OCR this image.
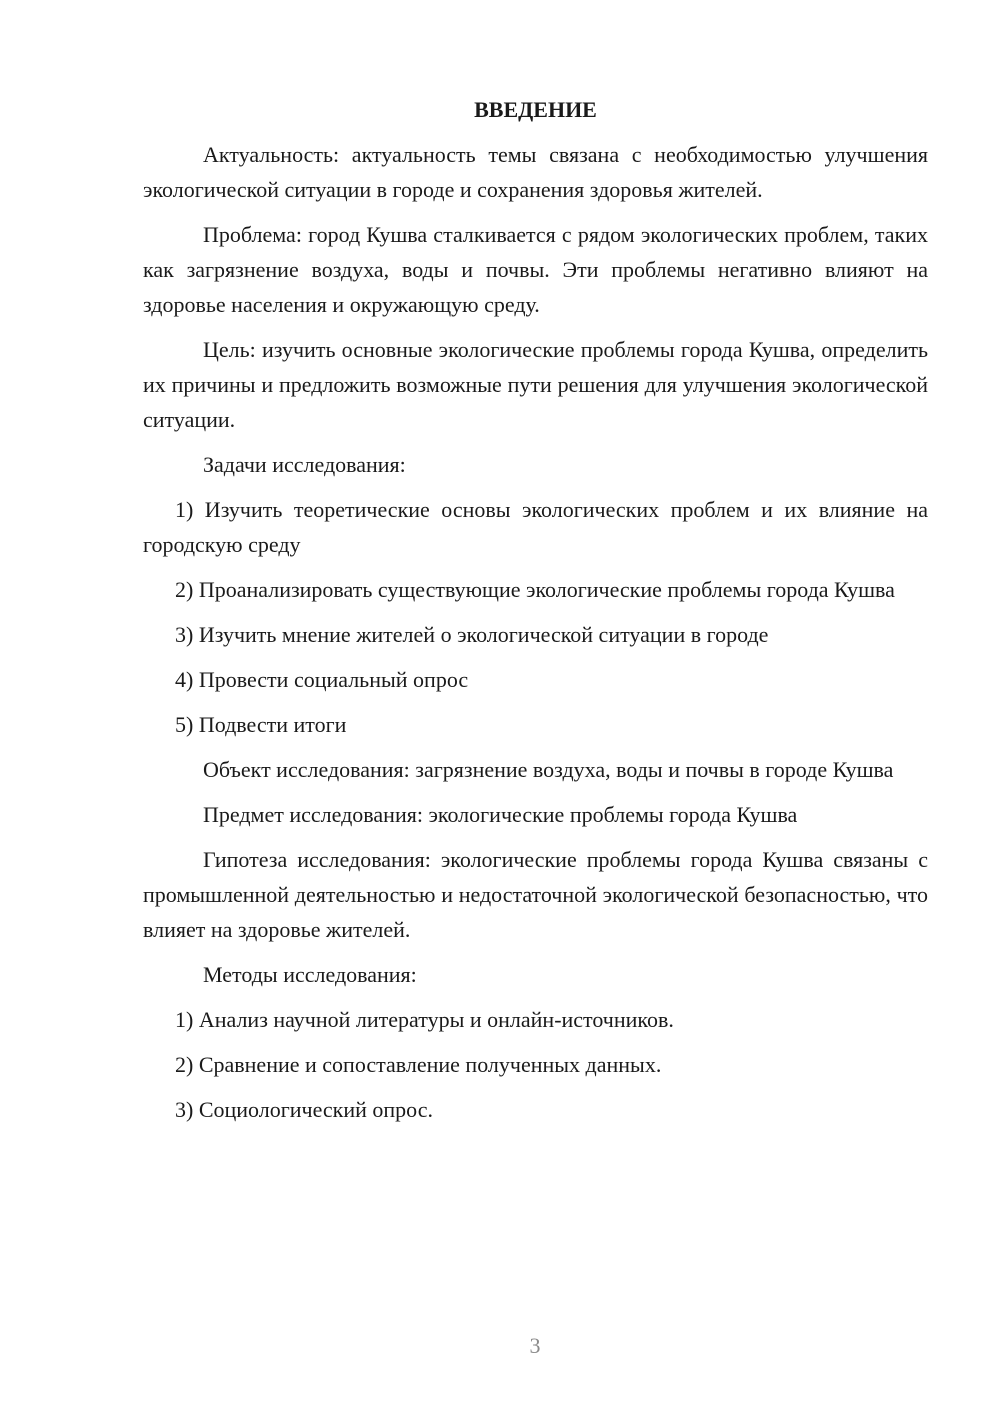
ВВЕДЕНИЕ

Актуальность: актуальность темы связана с необходимостью улучшения экологической ситуации в городе и сохранения здоровья жителей.

Проблема: город Кушва сталкивается с рядом экологических проблем, таких как загрязнение воздуха, воды и почвы. Эти проблемы негативно влияют на здоровье населения и окружающую среду.

Цель: изучить основные экологические проблемы города Кушва, определить их причины и предложить возможные пути решения для улучшения экологической ситуации.

Задачи исследования:

1) Изучить теоретические основы экологических проблем и их влияние на городскую среду

2) Проанализировать существующие экологические проблемы города Кушва

3) Изучить мнение жителей о экологической ситуации в городе

4) Провести социальный опрос

5) Подвести итоги

Объект исследования: загрязнение воздуха, воды и почвы в городе Кушва

Предмет исследования: экологические проблемы города Кушва

Гипотеза исследования: экологические проблемы города Кушва связаны с промышленной деятельностью и недостаточной экологической безопасностью, что влияет на здоровье жителей.

Методы исследования:

1) Анализ научной литературы и онлайн-источников.

2) Сравнение и сопоставление полученных данных.

3) Социологический опрос.

3
